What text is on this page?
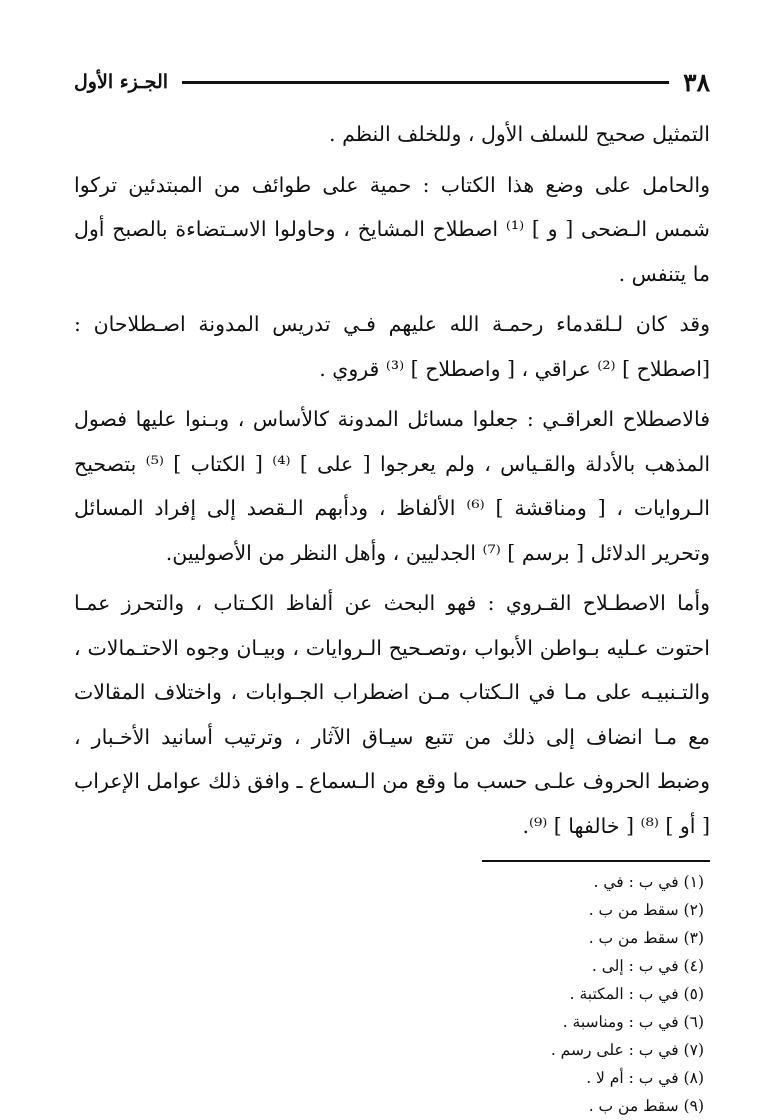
الجـزء الأول	٣٨

التمثيل صحيح للسلف الأول ، وللخلف النظم .

والحامل على وضع هذا الكتاب : حمية على طوائف من المبتدئين تركوا شمس الـضحى [ و ] ⁽¹⁾ اصطلاح المشايخ ، وحاولوا الاسـتضاءة بالصبح أول ما يتنفس .

وقد كان لـلقدماء رحمـة الله عليهم فـي تدريس المدونة اصـطلاحان : [اصطلاح ] ⁽²⁾ عراقي ، [ واصطلاح ] ⁽³⁾ قروي .

فالاصطلاح العراقـي : جعلوا مسائل المدونة كالأساس ، وبـنوا عليها فصول المذهب بالأدلة والقـياس ، ولم يعرجوا [ على ] ⁽⁴⁾ [ الكتاب ] ⁽⁵⁾ بتصحيح الـروايات ، [ ومناقشة ] ⁽⁶⁾ الألفاظ ، ودأبهم الـقصد إلى إفراد المسائل وتحرير الدلائل [ برسم ] ⁽⁷⁾ الجدليين ، وأهل النظر من الأصوليين.

وأما الاصطـلاح القـروي : فهو البحث عن ألفاظ الكـتاب ، والتحرز عمـا احتوت عـليه بـواطن الأبواب ،وتصـحيح الـروايات ، وبيـان وجوه الاحتـمالات ، والتـنبيـه على مـا في الـكتاب مـن اضطراب الجـوابات ، واختلاف المقالات مع مـا انضاف إلى ذلك من تتبع سيـاق الآثار ، وترتيب أسانيد الأخـبار ، وضبط الحروف علـى حسب ما وقع من الـسماع ـ وافق ذلك عوامل الإعراب [ أو ] ⁽⁸⁾ [ خالفها ] ⁽⁹⁾.

(١) في ب : في .
(٢) سقط من ب .
(٣) سقط من ب .
(٤) في ب : إلى .
(٥) في ب : المكتبة .
(٦) في ب : ومناسبة .
(٧) في ب : على رسم .
(٨) في ب : أم لا .
(٩) سقط من ب .
